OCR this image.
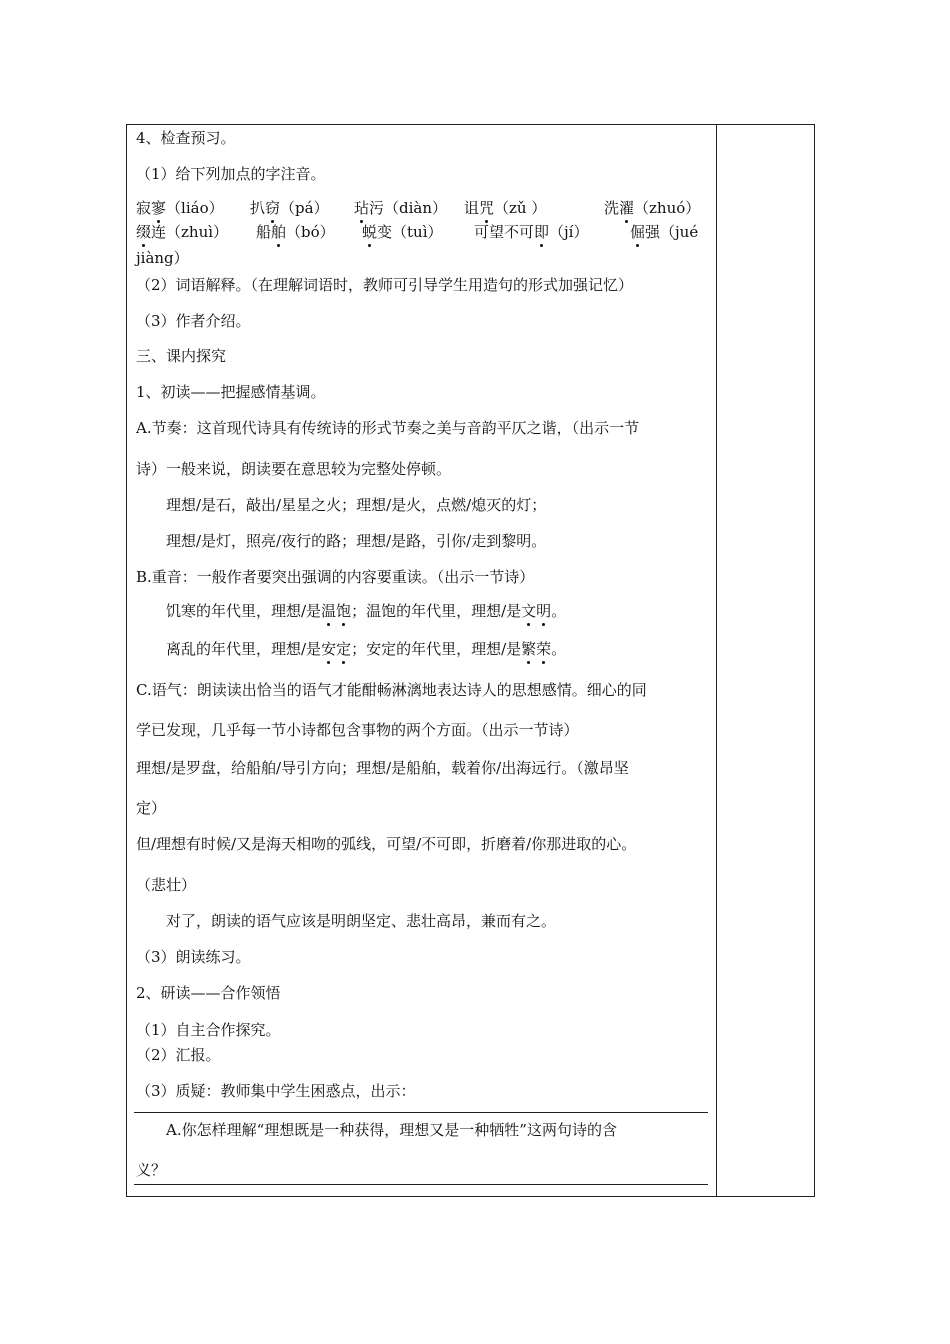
4、检查预习。
（1）给下列加点的字注音。
寂寥（liáo） 扒窃（pá） 玷污（diàn） 诅咒（zǔ ）	洗濯（zhuó）
缀连（zhuì） 船舶（bó） 蜕变（tuì） 可望不可即（jí）	倔强（jué
jiàng）
（2）词语解释。（在理解词语时，教师可引导学生用造句的形式加强记忆）
（3）作者介绍。
三、课内探究
1、初读——把握感情基调。
A.节奏：这首现代诗具有传统诗的形式节奏之美与音韵平仄之谐，（出示一节
诗）一般来说，朗读要在意思较为完整处停顿。
理想/是石，敲出/星星之火；理想/是火，点燃/熄灭的灯；
理想/是灯，照亮/夜行的路；理想/是路，引你/走到黎明。
B.重音：一般作者要突出强调的内容要重读。（出示一节诗）
饥寒的年代里，理想/是温饱；温饱的年代里，理想/是文明。
离乱的年代里，理想/是安定；安定的年代里，理想/是繁荣。
C.语气：朗读读出恰当的语气才能酣畅淋漓地表达诗人的思想感情。细心的同
学已发现，几乎每一节小诗都包含事物的两个方面。（出示一节诗）
理想/是罗盘，给船舶/导引方向；理想/是船舶，载着你/出海远行。（激昂坚
定）
但/理想有时候/又是海天相吻的弧线，可望/不可即，折磨着/你那进取的心。
（悲壮）
对了，朗读的语气应该是明朗坚定、悲壮高昂，兼而有之。
（3）朗读练习。
2、研读——合作领悟
（1）自主合作探究。
（2）汇报。
（3）质疑：教师集中学生困惑点，出示：
A.你怎样理解“理想既是一种获得，理想又是一种牺牲”这两句诗的含
义？
